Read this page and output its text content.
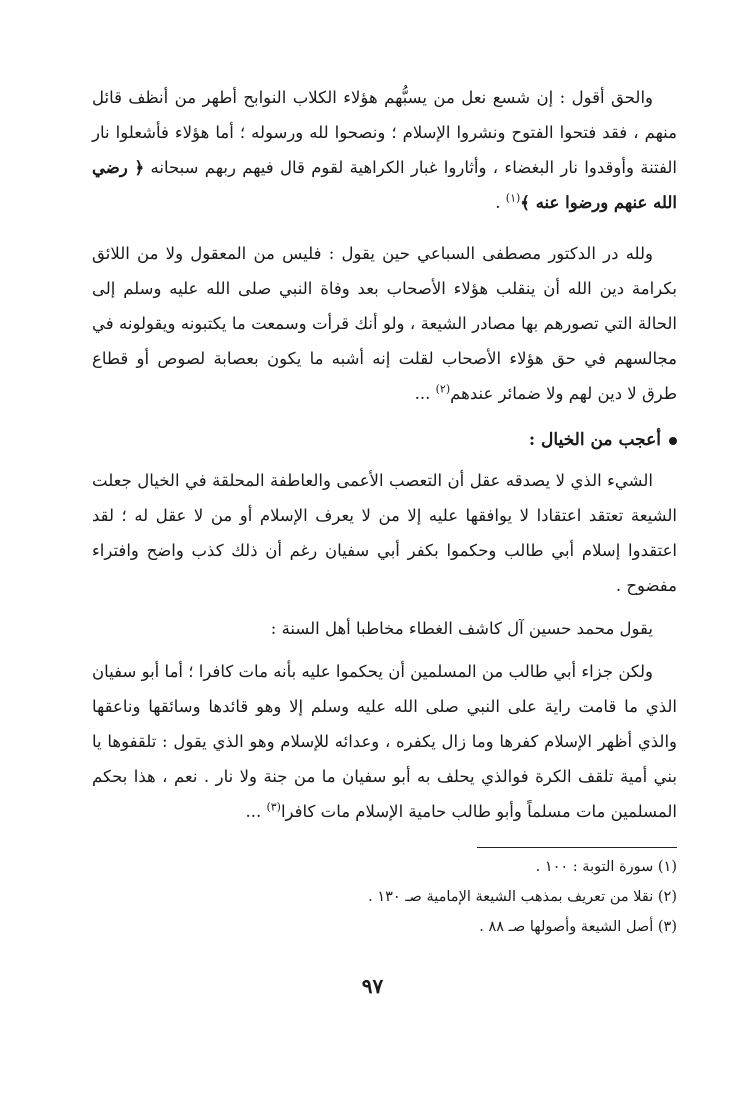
والحق أقول : إن شسع نعل من يسبُّهم هؤلاء الكلاب النوابح أطهر من أنظف قائل منهم ، فقد فتحوا الفتوح ونشروا الإسلام ؛ ونصحوا لله ورسوله ؛ أما هؤلاء فأشعلوا نار الفتنة وأوقدوا نار البغضاء ، وأثاروا غبار الكراهية لقوم قال فيهم ربهم سبحانه ﴿ رضي الله عنهم ورضوا عنه ﴾$^{(١)}$ .

ولله در الدكتور مصطفى السباعي حين يقول : فليس من المعقول ولا من اللائق بكرامة دين الله أن ينقلب هؤلاء الأصحاب بعد وفاة النبي صلى الله عليه وسلم إلى الحالة التي تصورهم بها مصادر الشيعة ، ولو أنك قرأت وسمعت ما يكتبونه ويقولونه في مجالسهم في حق هؤلاء الأصحاب لقلت إنه أشبه ما يكون بعصابة لصوص أو قطاع طرق لا دين لهم ولا ضمائر عندهم$^{(٢)}$ ...

أعجب من الخيال :

الشيء الذي لا يصدقه عقل أن التعصب الأعمى والعاطفة المحلقة في الخيال جعلت الشيعة تعتقد اعتقادا لا يوافقها عليه إلا من لا يعرف الإسلام أو من لا عقل له ؛ لقد اعتقدوا إسلام أبي طالب وحكموا بكفر أبي سفيان رغم أن ذلك كذب واضح وافتراء مفضوح .

يقول محمد حسين آل كاشف الغطاء مخاطبا أهل السنة :

ولكن جزاء أبي طالب من المسلمين أن يحكموا عليه بأنه مات كافرا ؛ أما أبو سفيان الذي ما قامت راية على النبي صلى الله عليه وسلم إلا وهو قائدها وسائقها وناعقها والذي أظهر الإسلام كفرها وما زال يكفره ، وعدائه للإسلام وهو الذي يقول : تلقفوها يا بني أمية تلقف الكرة فوالذي يحلف به أبو سفيان ما من جنة ولا نار . نعم ، هذا بحكم المسلمين مات مسلماً وأبو طالب حامية الإسلام مات كافرا$^{(٣)}$ ...

(١) سورة التوبة : ١٠٠ .

(٢) نقلا من تعريف بمذهب الشيعة الإمامية صـ ١٣٠ .

(٣) أصل الشيعة وأصولها صـ ٨٨ .

٩٧
